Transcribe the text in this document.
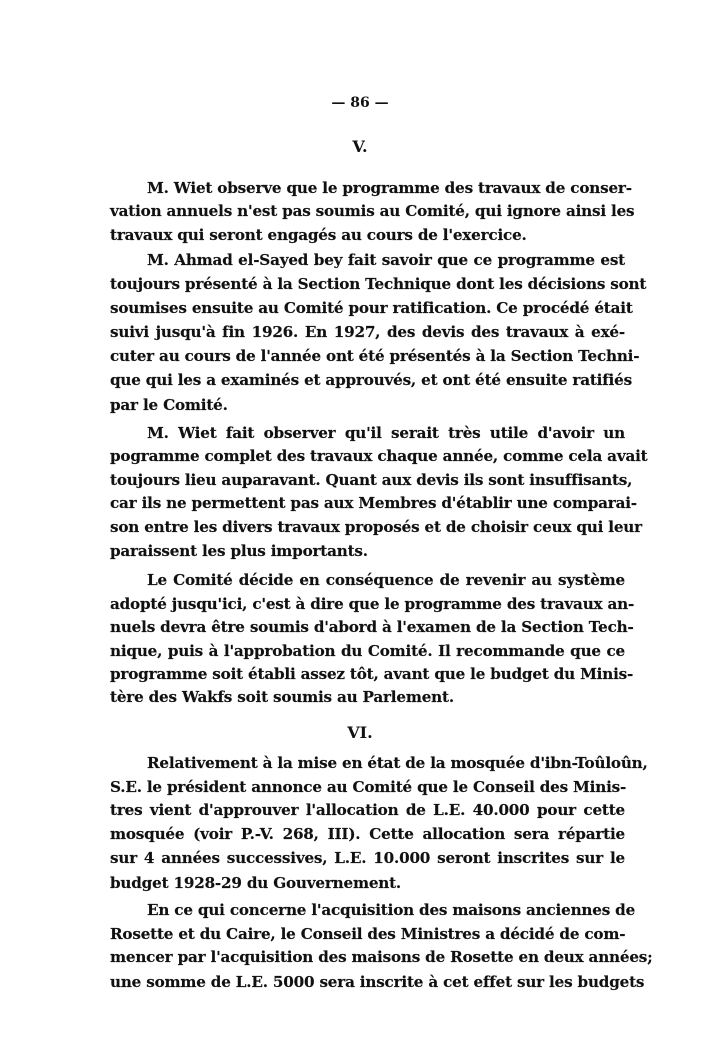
— 86 —
V.
VI.
M. Wiet observe que le programme des travaux de conser-
vation annuels n'est pas soumis au Comité, qui ignore ainsi les
travaux qui seront engagés au cours de l'exercice.
M. Ahmad el-Sayed bey fait savoir que ce programme est
toujours présenté à la Section Technique dont les décisions sont
soumises ensuite au Comité pour ratification. Ce procédé était
suivi jusqu'à fin 1926. En 1927, des devis des travaux à exé-
cuter au cours de l'année ont été présentés à la Section Techni-
que qui les a examinés et approuvés, et ont été ensuite ratifiés
par le Comité.
M. Wiet fait observer qu'il serait très utile d'avoir un
pogramme complet des travaux chaque année, comme cela avait
toujours lieu auparavant. Quant aux devis ils sont insuffisants,
car ils ne permettent pas aux Membres d'établir une comparai-
son entre les divers travaux proposés et de choisir ceux qui leur
paraissent les plus importants.
Le Comité décide en conséquence de revenir au système
adopté jusqu'ici, c'est à dire que le programme des travaux an-
nuels devra être soumis d'abord à l'examen de la Section Tech-
nique, puis à l'approbation du Comité. Il recommande que ce
programme soit établi assez tôt, avant que le budget du Minis-
tère des Wakfs soit soumis au Parlement.
Relativement à la mise en état de la mosquée d'ibn-Toûloûn,
S.E. le président annonce au Comité que le Conseil des Minis-
tres vient d'approuver l'allocation de L.E. 40.000 pour cette
mosquée (voir P.-V. 268, III). Cette allocation sera répartie
sur 4 années successives, L.E. 10.000 seront inscrites sur le
budget 1928-29 du Gouvernement.
En ce qui concerne l'acquisition des maisons anciennes de
Rosette et du Caire, le Conseil des Ministres a décidé de com-
mencer par l'acquisition des maisons de Rosette en deux années;
une somme de L.E. 5000 sera inscrite à cet effet sur les budgets
